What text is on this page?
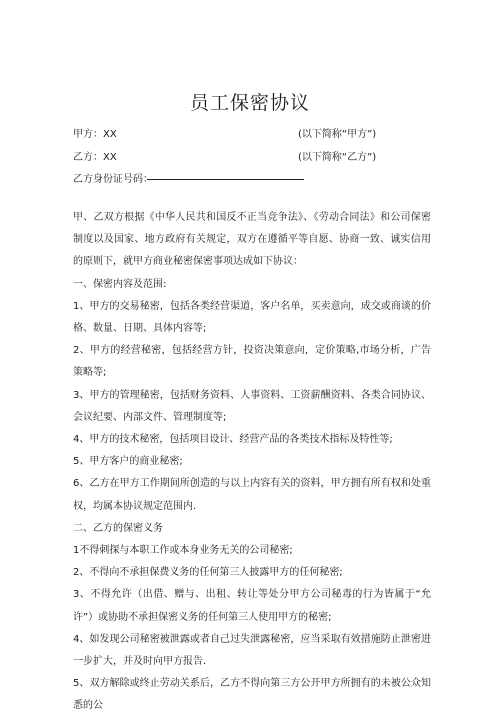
员工保密协议
甲方：XX	(以下简称“甲方”)
乙方：XX	(以下简称“乙方”)
乙方身份证号码：

甲、乙双方根据《中华人民共和国反不正当竞争法》、《劳动合同法》和公司保密制度以及国家、地方政府有关规定，双方在遵循平等自愿、协商一致、诚实信用的原则下，就甲方商业秘密保密事项达成如下协议：

一、保密内容及范围:

1、甲方的交易秘密，包括各类经营渠道，客户名单，买卖意向，成交或商谈的价格、数量、日期、具体内容等;

2、甲方的经营秘密，包括经营方针，投资决策意向，定价策略,市场分析，广告策略等;

3、甲方的管理秘密，包括财务资料、人事资料、工资薪酬资料、各类合同协议、会议纪要、内部文件、管理制度等;

4、甲方的技术秘密，包括项目设计、经营产品的各类技术指标及特性等;

5、甲方客户的商业秘密;

6、乙方在甲方工作期间所创造的与以上内容有关的资料，甲方拥有所有权和处重权，均属本协议规定范围内.

二、乙方的保密义务

1不得刺探与本职工作或本身业务无关的公司秘密;

2、不得向不承担保费义务的任何第三人披露甲方的任何秘密;

3、不得允许（出借、赠与、出租、转让等处分甲方公司秘毒的行为皆属于“允许”）或协助不承担保密义务的任何第三人使用甲方的秘密;

4、如发现公司秘密被泄露或者自己过失泄露秘密，应当采取有效措施防止泄密进一步扩大，并及时向甲方报告.

5、双方解除或终止劳动关系后，乙方不得向第三方公开甲方所拥有的未被公众知悉的公
